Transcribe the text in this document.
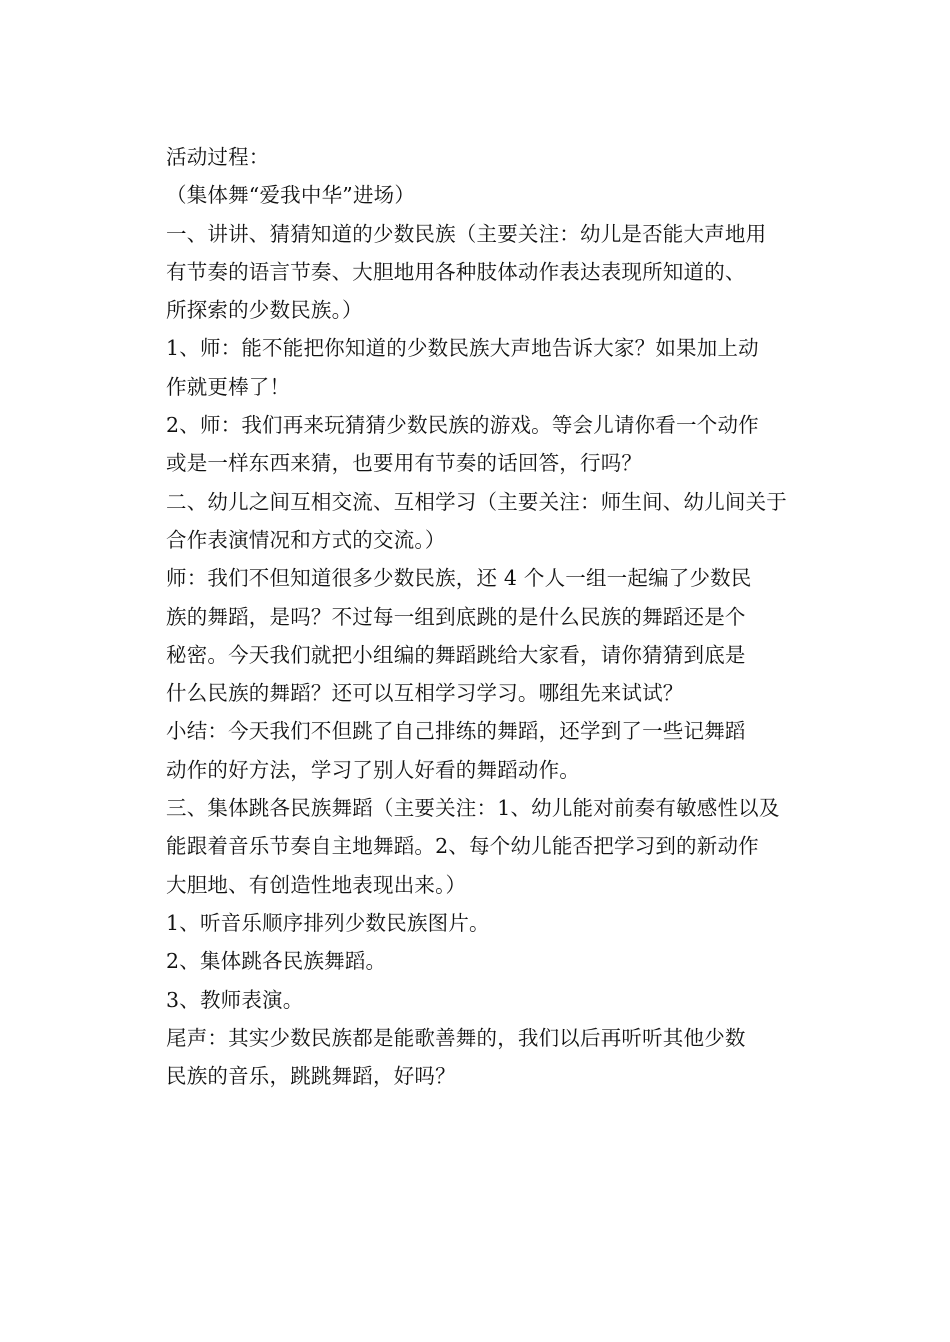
活动过程：
（集体舞“爱我中华”进场）
一、讲讲、猜猜知道的少数民族（主要关注：幼儿是否能大声地用
有节奏的语言节奏、大胆地用各种肢体动作表达表现所知道的、
所探索的少数民族。）
1、师：能不能把你知道的少数民族大声地告诉大家？如果加上动
作就更棒了！
2、师：我们再来玩猜猜少数民族的游戏。等会儿请你看一个动作
或是一样东西来猜，也要用有节奏的话回答，行吗？
二、幼儿之间互相交流、互相学习（主要关注：师生间、幼儿间关于
合作表演情况和方式的交流。）
师：我们不但知道很多少数民族，还 4 个人一组一起编了少数民
族的舞蹈，是吗？不过每一组到底跳的是什么民族的舞蹈还是个
秘密。今天我们就把小组编的舞蹈跳给大家看，请你猜猜到底是
什么民族的舞蹈？还可以互相学习学习。哪组先来试试？
小结：今天我们不但跳了自己排练的舞蹈，还学到了一些记舞蹈
动作的好方法，学习了别人好看的舞蹈动作。
三、集体跳各民族舞蹈（主要关注：1、幼儿能对前奏有敏感性以及
能跟着音乐节奏自主地舞蹈。2、每个幼儿能否把学习到的新动作
大胆地、有创造性地表现出来。）
1、听音乐顺序排列少数民族图片。
2、集体跳各民族舞蹈。
3、教师表演。
尾声：其实少数民族都是能歌善舞的，我们以后再听听其他少数
民族的音乐，跳跳舞蹈，好吗？
